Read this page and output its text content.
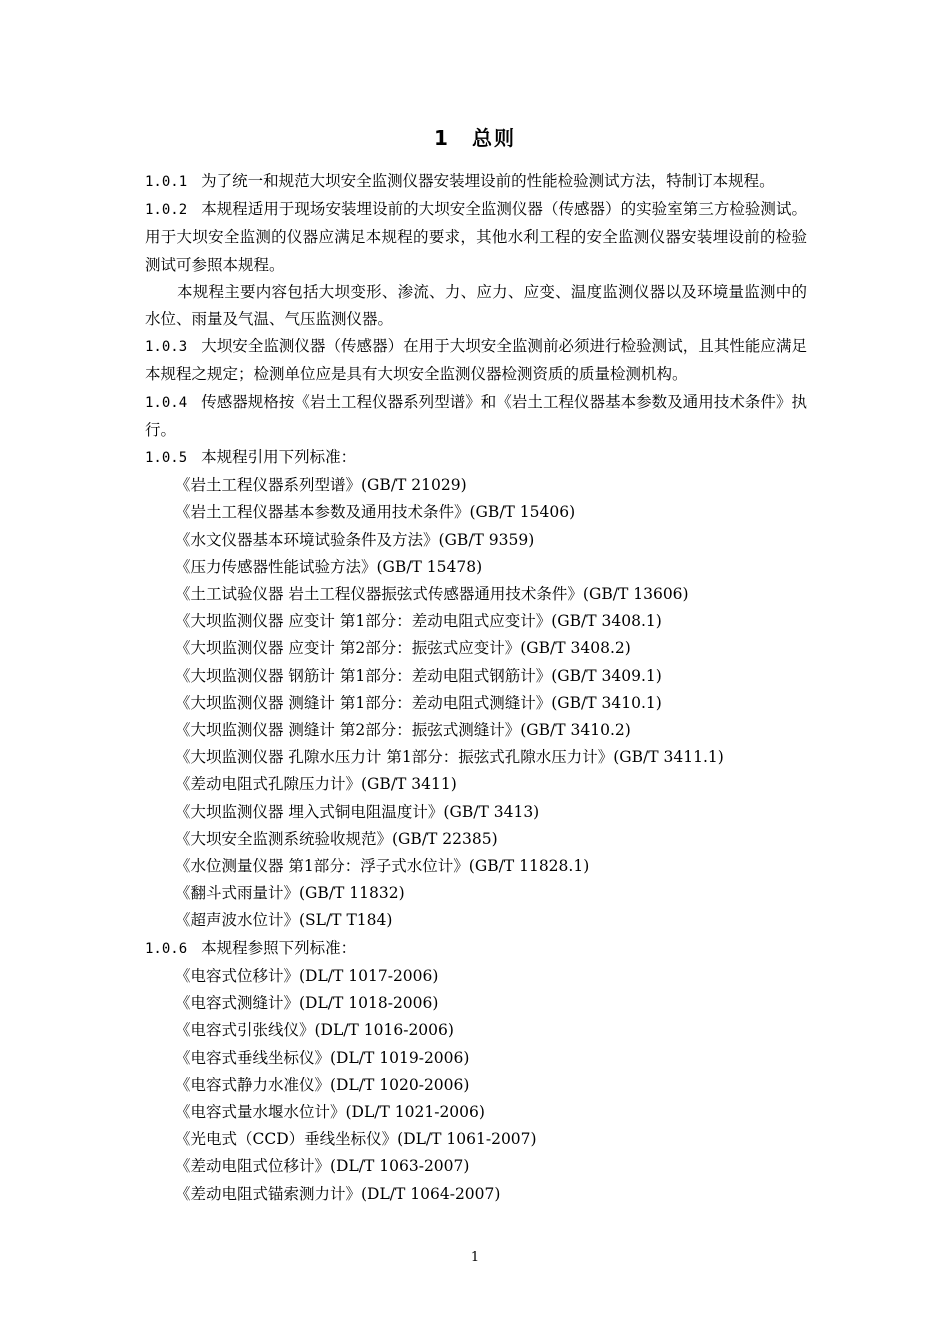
1　总则

1.0.1 为了统一和规范大坝安全监测仪器安装埋设前的性能检验测试方法，特制订本规程。

1.0.2 本规程适用于现场安装埋设前的大坝安全监测仪器（传感器）的实验室第三方检验测试。用于大坝安全监测的仪器应满足本规程的要求，其他水利工程的安全监测仪器安装埋设前的检验测试可参照本规程。

本规程主要内容包括大坝变形、渗流、力、应力、应变、温度监测仪器以及环境量监测中的水位、雨量及气温、气压监测仪器。

1.0.3 大坝安全监测仪器（传感器）在用于大坝安全监测前必须进行检验测试，且其性能应满足本规程之规定；检测单位应是具有大坝安全监测仪器检测资质的质量检测机构。

1.0.4 传感器规格按《岩土工程仪器系列型谱》和《岩土工程仪器基本参数及通用技术条件》执行。

1.0.5 本规程引用下列标准：

《岩土工程仪器系列型谱》(GB/T 21029)
《岩土工程仪器基本参数及通用技术条件》(GB/T 15406)
《水文仪器基本环境试验条件及方法》(GB/T 9359)
《压力传感器性能试验方法》(GB/T 15478)
《土工试验仪器 岩土工程仪器振弦式传感器通用技术条件》(GB/T 13606)
《大坝监测仪器 应变计 第1部分：差动电阻式应变计》(GB/T 3408.1)
《大坝监测仪器 应变计 第2部分：振弦式应变计》(GB/T 3408.2)
《大坝监测仪器 钢筋计 第1部分：差动电阻式钢筋计》(GB/T 3409.1)
《大坝监测仪器 测缝计 第1部分：差动电阻式测缝计》(GB/T 3410.1)
《大坝监测仪器 测缝计 第2部分：振弦式测缝计》(GB/T 3410.2)
《大坝监测仪器 孔隙水压力计 第1部分：振弦式孔隙水压力计》(GB/T 3411.1)
《差动电阻式孔隙压力计》(GB/T 3411)
《大坝监测仪器 埋入式铜电阻温度计》(GB/T 3413)
《大坝安全监测系统验收规范》(GB/T 22385)
《水位测量仪器 第1部分：浮子式水位计》(GB/T 11828.1)
《翻斗式雨量计》(GB/T 11832)
《超声波水位计》(SL/T T184)

1.0.6 本规程参照下列标准：

《电容式位移计》(DL/T 1017-2006)
《电容式测缝计》(DL/T 1018-2006)
《电容式引张线仪》(DL/T 1016-2006)
《电容式垂线坐标仪》(DL/T 1019-2006)
《电容式静力水准仪》(DL/T 1020-2006)
《电容式量水堰水位计》(DL/T 1021-2006)
《光电式（CCD）垂线坐标仪》(DL/T 1061-2007)
《差动电阻式位移计》(DL/T 1063-2007)
《差动电阻式锚索测力计》(DL/T 1064-2007)
1
